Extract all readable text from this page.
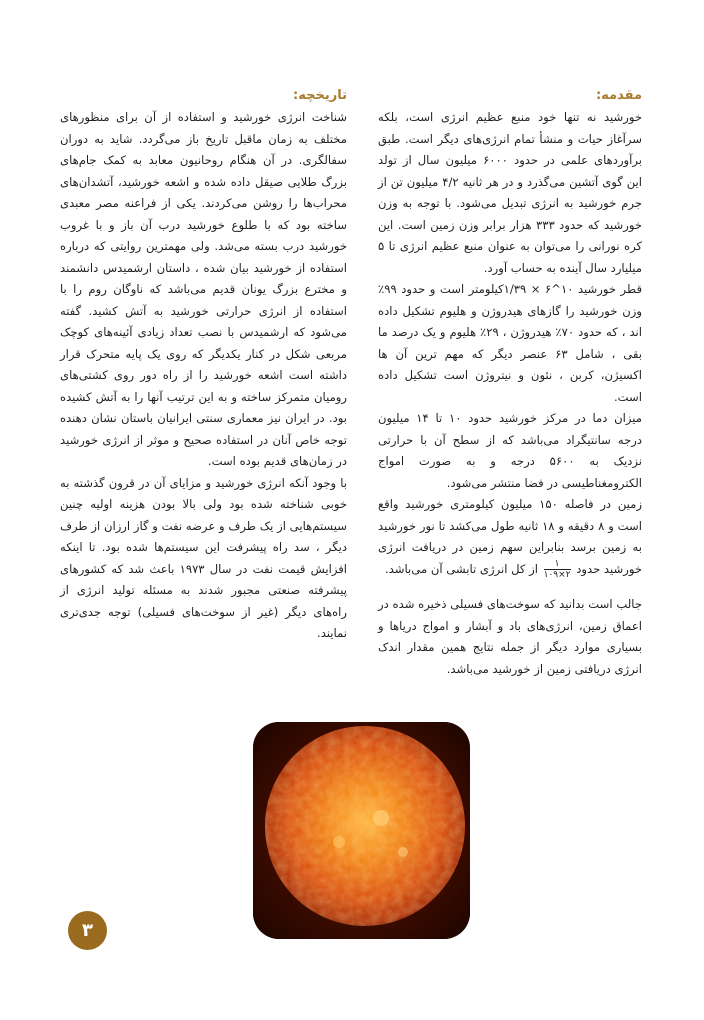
مقدمه:

خورشید نه تنها خود منبع عظیم انرژی است، بلکه سرآغاز حیات و منشأ تمام انرژی‌های دیگر است. طبق برآوردهای علمی در حدود ۶۰۰۰ میلیون سال از تولد این گوی آتشین می‌گذرد و در هر ثانیه ۴/۲ میلیون تن از جرم خورشید به انرژی تبدیل می‌شود. با توجه به وزن خورشید که حدود ۳۳۳ هزار برابر وزن زمین است. این کره نورانی را می‌توان به عنوان منبع عظیم انرژی تا ۵ میلیارد سال آینده به حساب آورد.

قطر خورشید ۱۰^۶ × ۱/۳۹کیلومتر است و حدود ۹۹٪ وزن خورشید را گازهای هیدروژن و هلیوم تشکیل داده اند ، که حدود ۷۰٪ هیدروژن ، ۲۹٪ هلیوم و یک درصد ما بقی ، شامل ۶۳ عنصر دیگر که مهم ترین آن ها اکسیژن، کربن ، نئون و نیتروژن است تشکیل داده است.

میزان دما در مرکز خورشید حدود ۱۰ تا ۱۴ میلیون درجه سانتیگراد می‌باشد که از سطح آن با حرارتی نزدیک به ۵۶۰۰ درجه و به صورت امواج الکترومغناطیسی در فضا منتشر می‌شود.

زمین در فاصله ۱۵۰ میلیون کیلومتری خورشید واقع است و ۸ دقیقه و ۱۸ ثانیه طول می‌کشد تا نور خورشید به زمین برسد بنابراین سهم زمین در دریافت انرژی خورشید حدود
$\frac{۱}{۲\times ۱۰۹}$
از کل انرژی تابشی آن می‌باشد.

جالب است بدانید که سوخت‌های فسیلی ذخیره شده در اعماق زمین، انرژی‌های باد و آبشار و امواج دریاها و بسیاری موارد دیگر از جمله نتایج همین مقدار اندک انرژی دریافتی زمین از خورشید می‌باشد.

تاریخچه:

شناخت انرژی خورشید و استفاده از آن برای منظورهای مختلف به زمان ماقبل تاریخ باز می‌گردد. شاید به دوران سفالگری. در آن هنگام روحانیون معابد به کمک جام‌های بزرگ طلایی صیقل داده شده و اشعه خورشید، آتشدان‌های محراب‌ها را روشن می‌کردند. یکی از فراعنه مصر معبدی ساخته بود که با طلوع خورشید درب آن باز و با غروب خورشید درب بسته می‌شد. ولی مهمترین روایتی که درباره استفاده از خورشید بیان شده ، داستان ارشمیدس دانشمند و مخترع بزرگ یونان قدیم می‌باشد که ناوگان روم را با استفاده از انرژی حرارتی خورشید به آتش کشید. گفته می‌شود که ارشمیدس با نصب تعداد زیادی آئینه‌های کوچک مربعی شکل در کنار یکدیگر که روی یک پایه متحرک قرار داشته است اشعه خورشید را از راه دور روی کشتی‌های رومیان متمرکز ساخته و به این ترتیب آنها را به آتش کشیده بود. در ایران نیز معماری سنتی ایرانیان باستان نشان دهنده توجه خاص آنان در استفاده صحیح و موثر از انرژی خورشید در زمان‌های قدیم بوده است.

با وجود آنکه انرژی خورشید و مزایای آن در قرون گذشته به خوبی شناخته شده بود ولی بالا بودن هزینه اولیه چنین سیستم‌هایی از یک طرف و عرضه نفت و گاز ارزان از طرف دیگر ، سد راه پیشرفت این سیستم‌ها شده بود. تا اینکه افزایش قیمت نفت در سال ۱۹۷۳ باعث شد که کشورهای پیشرفته صنعتی مجبور شدند به مسئله تولید انرژی از راه‌های دیگر (غیر از سوخت‌های فسیلی) توجه جدی‌تری نمایند.

۳
